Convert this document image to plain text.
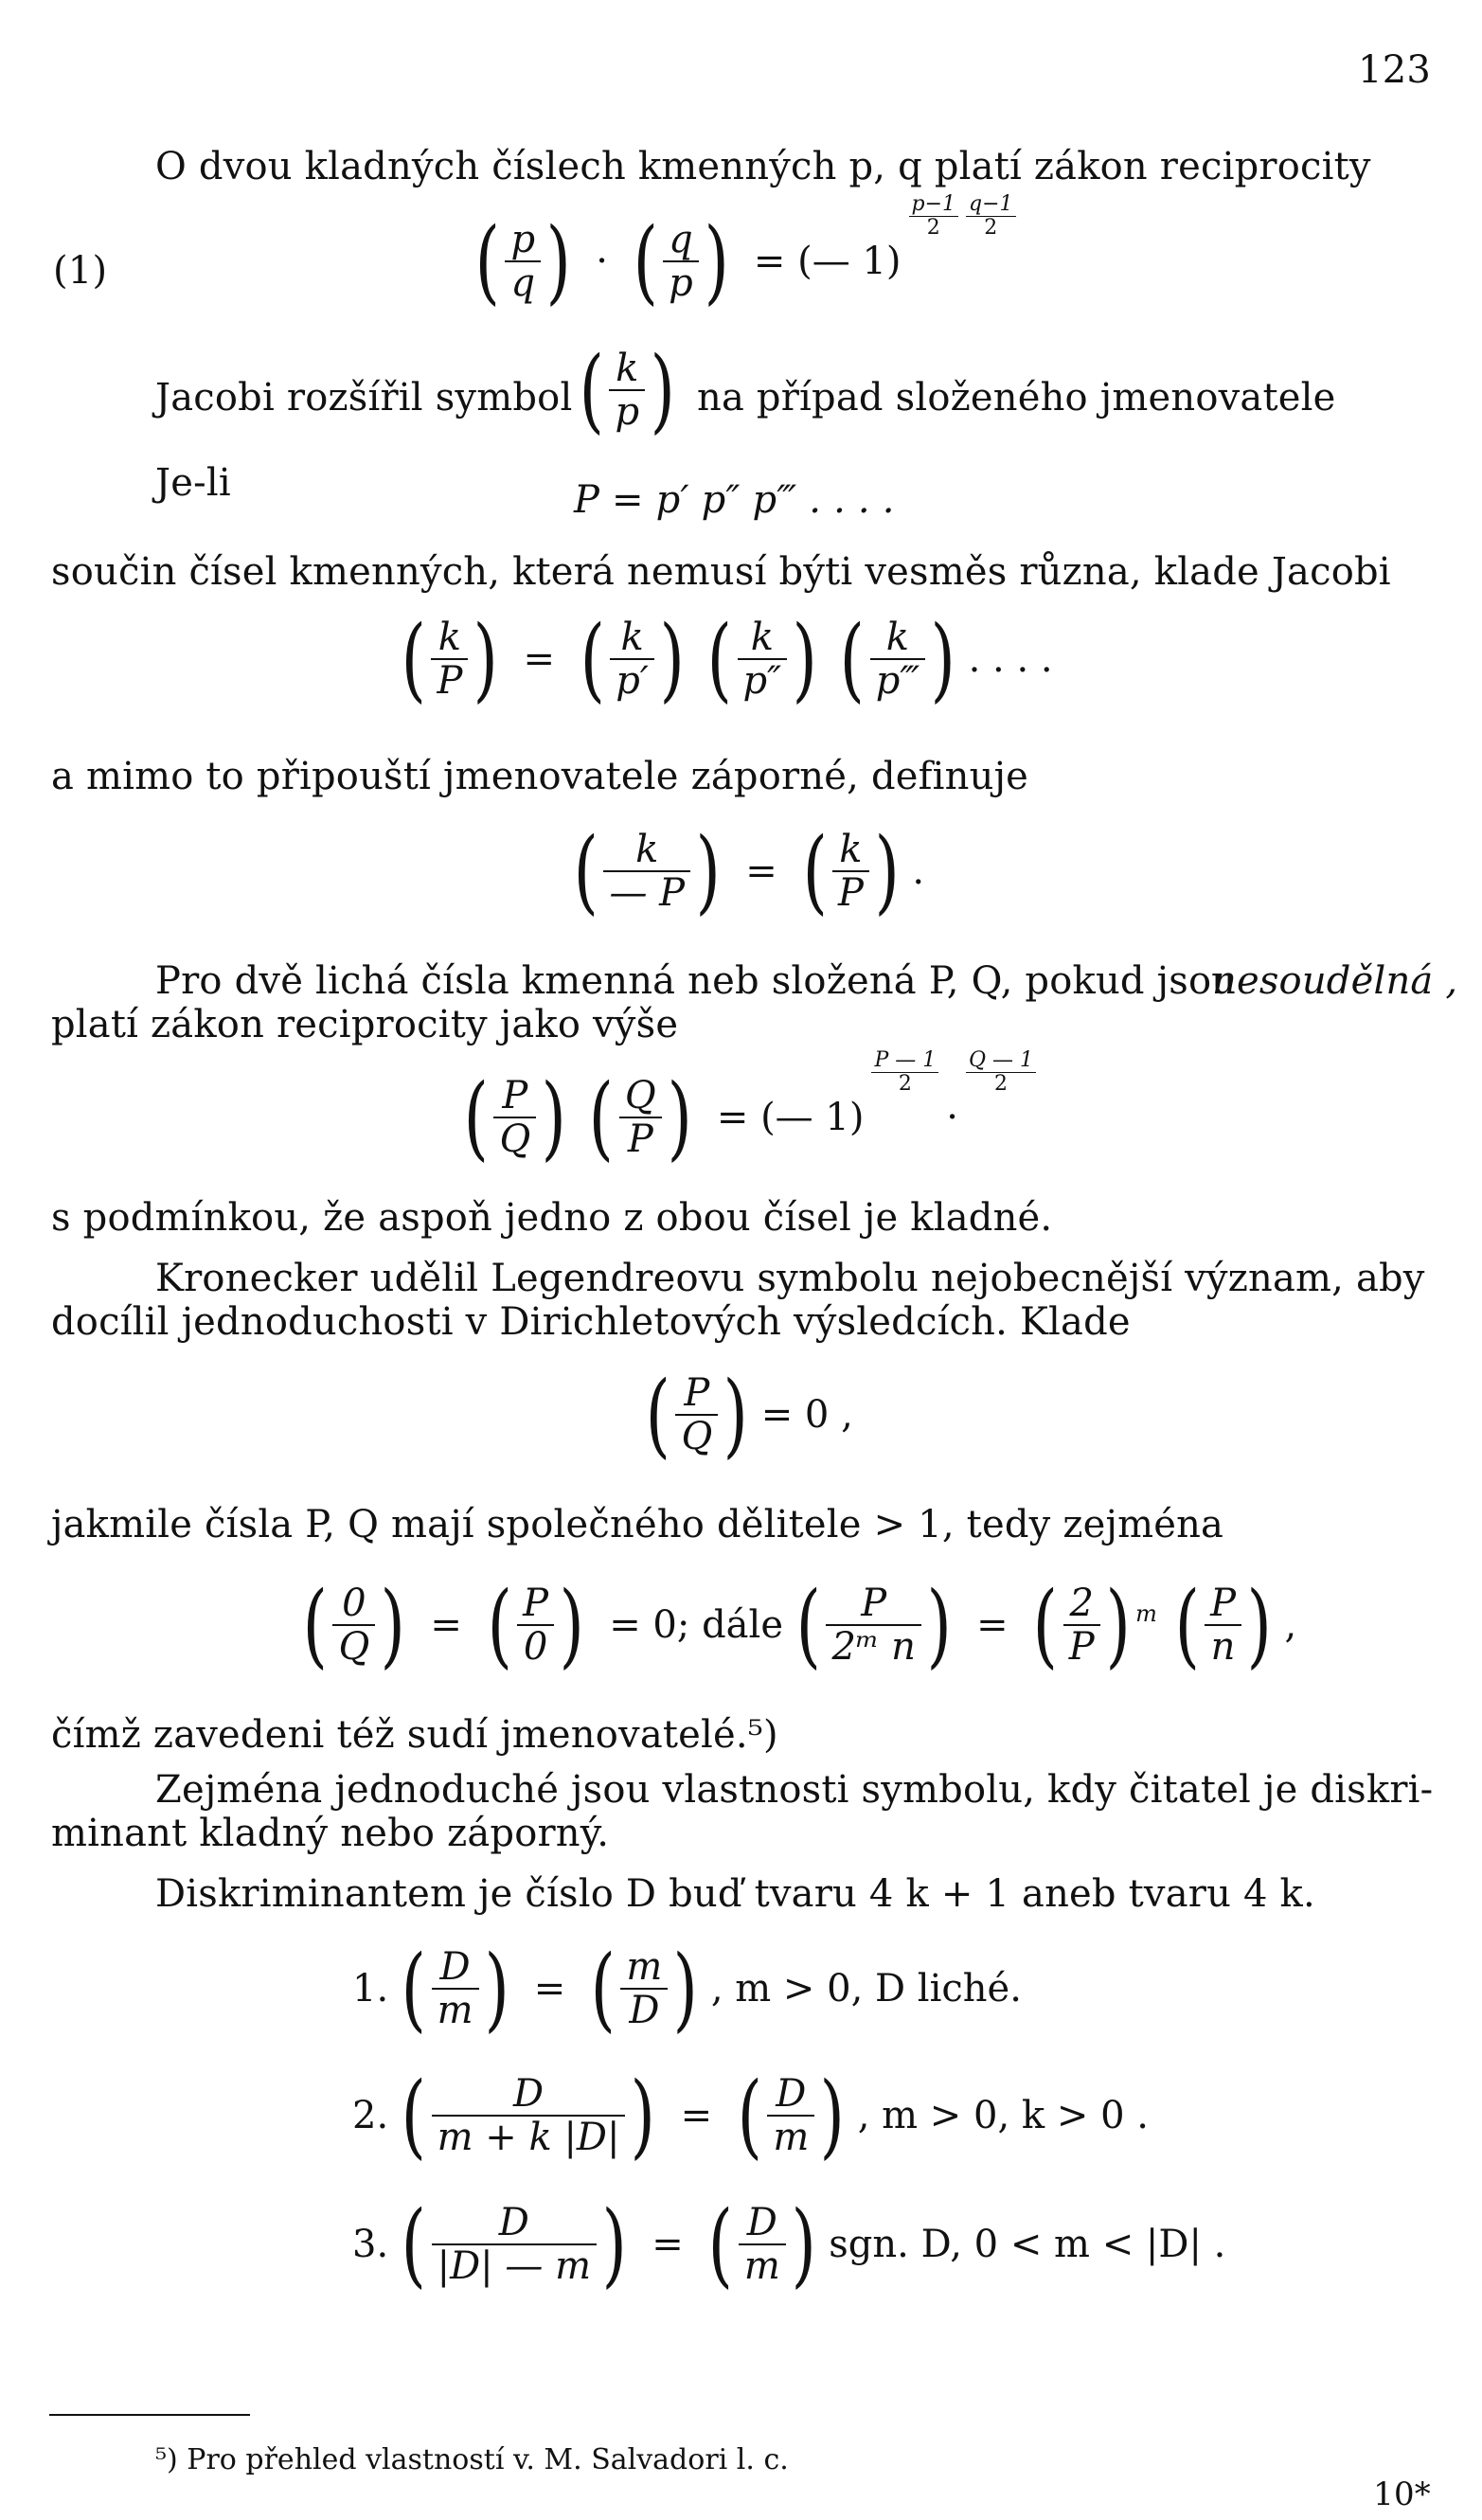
123
O dvou kladných číslech kmenných p, q platí zákon reciprocity
(1)	( $\frac{p}{q}$ ) · ( $\frac{q}{p}$ ) = (— 1)
$\frac{p-1}{2} \frac{q-1}{2}$
Jacobi rozšířil symbol ( $\frac{k}{p}$ ) na případ složeného jmenovatele
Je-li	P = p′ p″ p‴ . . . .
součin čísel kmenných, která nemusí býti vesměs různa, klade Jacobi
( $\frac{k}{P}$ ) = ( $\frac{k}{p'}$ ) ( $\frac{k}{p''}$ ) ( $\frac{k}{p‴}$ ) . . . .
a mimo to připouští jmenovatele záporné, definuje
( $\frac{k}{— P}$ ) = ( $\frac{k}{P}$ ) .
Pro dvě lichá čísla kmenná neb složená P, Q, pokud jsou
nesoudělná ,
platí zákon reciprocity jako výše
( $\frac{P}{Q}$ ) ( $\frac{Q}{P}$ ) = (— 1)
$\frac{P — 1}{2}$
·
$\frac{Q — 1}{2}$
s podmínkou, že aspoň jedno z obou čísel je kladné.
Kronecker udělil Legendreovu symbolu nejobecnější význam, aby
docílil jednoduchosti v Dirichletových výsledcích. Klade
( $\frac{P}{Q}$ ) = 0 ,
jakmile čísla P, Q mají společného dělitele > 1, tedy zejména
( $\frac{0}{Q}$ ) = ( $\frac{P}{0}$ ) = 0; dále ( $\frac{P}{\text{2ᵐ n}}$ ) = ( $\frac{2}{P}$ ) m ( $\frac{P}{n}$ ) ,
čímž zavedeni též sudí jmenovatelé.⁵)
Zejména jednoduché jsou vlastnosti symbolu, kdy čitatel je diskri-
minant kladný nebo záporný.
Diskriminantem je číslo D buď tvaru 4 k + 1 aneb tvaru 4 k.
1. ( $\frac{D}{m}$ ) = ( $\frac{m}{D}$ ) , m > 0, D liché.
2. ( $\frac{D}{m + k |D|}$ ) = ( $\frac{D}{m}$ ) , m > 0, k > 0 .
3. ( $\frac{D}{|D| — m}$ ) = ( $\frac{D}{m}$ ) sgn. D, 0 < m < |D| .
⁵) Pro přehled vlastností v. M. Salvadori l. c.
10*
